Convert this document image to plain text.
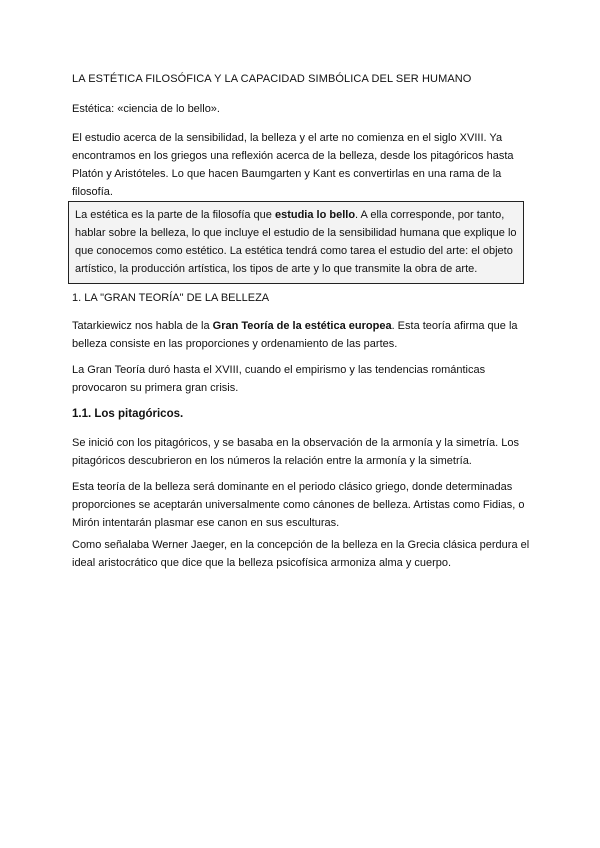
LA ESTÉTICA FILOSÓFICA Y LA CAPACIDAD SIMBÓLICA DEL SER HUMANO

Estética: «ciencia de lo bello».

El estudio acerca de la sensibilidad, la belleza y el arte no comienza en el siglo XVIII. Ya encontramos en los griegos una reflexión acerca de la belleza, desde los pitagóricos hasta Platón y Aristóteles. Lo que hacen Baumgarten y Kant es convertirlas en una rama de la filosofía.

La estética es la parte de la filosofía que estudia lo bello. A ella corresponde, por tanto, hablar sobre la belleza, lo que incluye el estudio de la sensibilidad humana que explique lo que conocemos como estético. La estética tendrá como tarea el estudio del arte: el objeto artístico, la producción artística, los tipos de arte y lo que transmite la obra de arte.

1. LA "GRAN TEORÍA" DE LA BELLEZA

Tatarkiewicz nos habla de la Gran Teoría de la estética europea. Esta teoría afirma que la belleza consiste en las proporciones y ordenamiento de las partes.

La Gran Teoría duró hasta el XVIII, cuando el empirismo y las tendencias románticas provocaron su primera gran crisis.

1.1. Los pitagóricos.

Se inició con los pitagóricos, y se basaba en la observación de la armonía y la simetría. Los pitagóricos descubrieron en los números la relación entre la armonía y la simetría.

Esta teoría de la belleza será dominante en el periodo clásico griego, donde determinadas proporciones se aceptarán universalmente como cánones de belleza. Artistas como Fidias, o Mirón intentarán plasmar ese canon en sus esculturas.

Como señalaba Werner Jaeger, en la concepción de la belleza en la Grecia clásica perdura el ideal aristocrático que dice que la belleza psicofísica armoniza alma y cuerpo.
